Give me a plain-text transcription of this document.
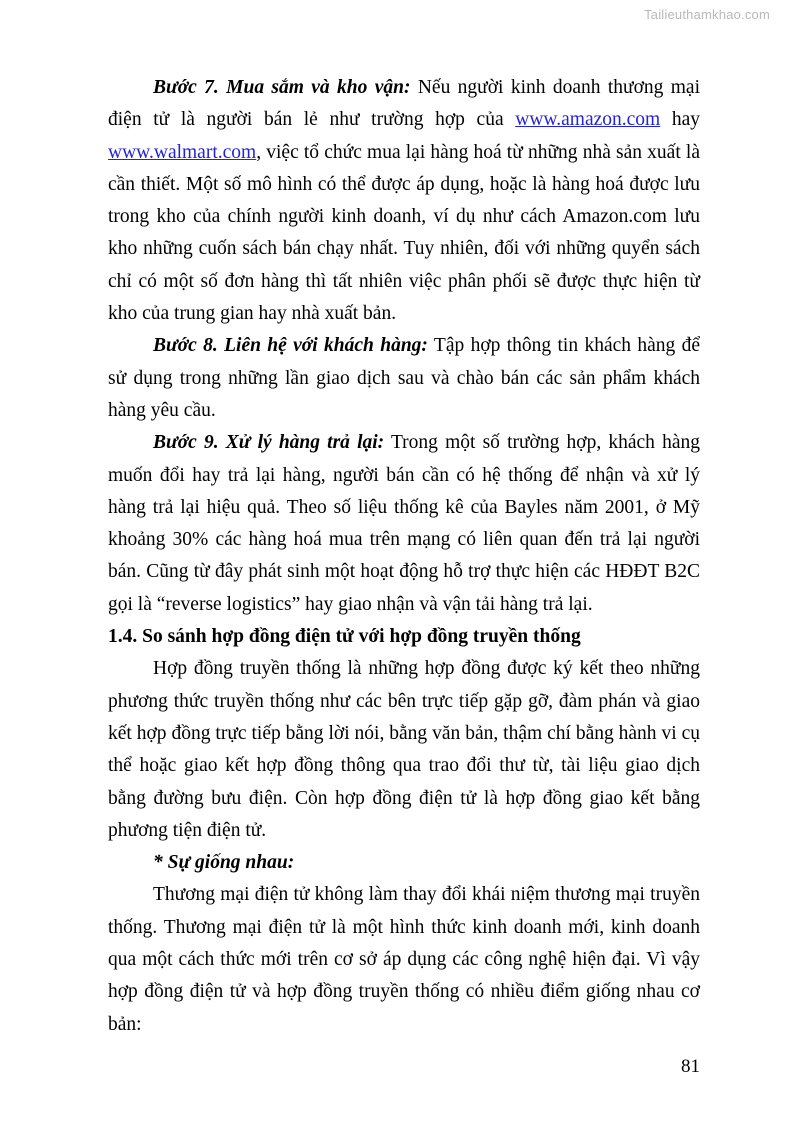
Tailieuthamkhao.com

Bước 7. Mua sắm và kho vận: Nếu người kinh doanh thương mại điện tử là người bán lẻ như trường hợp của www.amazon.com hay www.walmart.com, việc tổ chức mua lại hàng hoá từ những nhà sản xuất là cần thiết. Một số mô hình có thể được áp dụng, hoặc là hàng hoá được lưu trong kho của chính người kinh doanh, ví dụ như cách Amazon.com lưu kho những cuốn sách bán chạy nhất. Tuy nhiên, đối với những quyển sách chỉ có một số đơn hàng thì tất nhiên việc phân phối sẽ được thực hiện từ kho của trung gian hay nhà xuất bản.

Bước 8. Liên hệ với khách hàng: Tập hợp thông tin khách hàng để sử dụng trong những lần giao dịch sau và chào bán các sản phẩm khách hàng yêu cầu.

Bước 9. Xử lý hàng trả lại: Trong một số trường hợp, khách hàng muốn đổi hay trả lại hàng, người bán cần có hệ thống để nhận và xử lý hàng trả lại hiệu quả. Theo số liệu thống kê của Bayles năm 2001, ở Mỹ khoảng 30% các hàng hoá mua trên mạng có liên quan đến trả lại người bán. Cũng từ đây phát sinh một hoạt động hỗ trợ thực hiện các HĐĐT B2C gọi là “reverse logistics” hay giao nhận và vận tải hàng trả lại.

1.4. So sánh hợp đồng điện tử với hợp đồng truyền thống

Hợp đồng truyền thống là những hợp đồng được ký kết theo những phương thức truyền thống như các bên trực tiếp gặp gỡ, đàm phán và giao kết hợp đồng trực tiếp bằng lời nói, bằng văn bản, thậm chí bằng hành vi cụ thể hoặc giao kết hợp đồng thông qua trao đổi thư từ, tài liệu giao dịch bằng đường bưu điện. Còn hợp đồng điện tử là hợp đồng giao kết bằng phương tiện điện tử.

* Sự giống nhau:

Thương mại điện tử không làm thay đổi khái niệm thương mại truyền thống. Thương mại điện tử là một hình thức kinh doanh mới, kinh doanh qua một cách thức mới trên cơ sở áp dụng các công nghệ hiện đại. Vì vậy hợp đồng điện tử và hợp đồng truyền thống có nhiều điểm giống nhau cơ bản:

81
